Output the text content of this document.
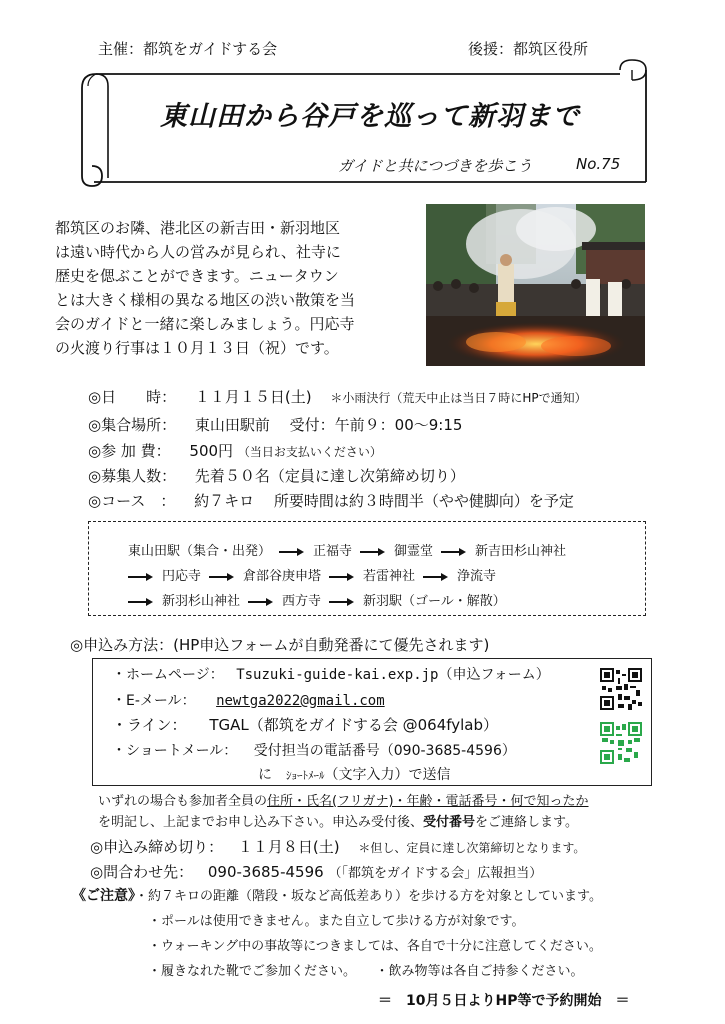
主催：都筑をガイドする会	後援：都筑区役所
東山田から谷戸を巡って新羽まで
ガイドと共につづきを歩こう	No.75

都筑区のお隣、港北区の新吉田・新羽地区

は遠い時代から人の営みが見られ、社寺に

歴史を偲ぶことができます。ニュータウン

とは大きく様相の異なる地区の渋い散策を当

会のガイドと一緒に楽しみましょう。円応寺

の火渡り行事は１０月１３日（祝）です。

◎日　　時： １１月１５日(土) ＊小雨決行（荒天中止は当日７時にHPで通知）
◎集合場所： 東山田駅前　 受付：午前９：00〜9:15
◎参 加 費： 500円 （当日お支払いください）
◎募集人数： 先着５０名（定員に達し次第締め切り）
◎コース　： 約７キロ　 所要時間は約３時間半（やや健脚向）を予定
東山田駅（集合・出発）	正福寺	御霊堂	新吉田杉山神社
円応寺	倉部谷庚申塔	若雷神社	浄流寺
新羽杉山神社	西方寺	新羽駅（ゴール・解散）
◎申込み方法：(HP申込フォームが自動発番にて優先されます)
・ホームページ： Tsuzuki-guide-kai.exp.jp（申込フォーム）
・E-メール： newtga2022@gmail.com
・ライン： TGAL（都筑をガイドする会 @064fylab）
・ショートメール： 受付担当の電話番号（090-3685-4596）
に　ｼｮｰﾄﾒｰﾙ（文字入力）で送信
いずれの場合も参加者全員の住所・氏名(フリガナ)・年齢・電話番号・何で知ったか
を明記し、上記までお申し込み下さい。申込み受付後、受付番号をご連絡します。
◎申込み締め切り： １１月８日(土) ＊但し、定員に達し次第締切となります。
◎問合わせ先： 090-3685-4596 （「都筑をガイドする会」広報担当）
《ご注意》・約７キロの距離（階段・坂など高低差あり）を歩ける方を対象としています。
・ポールは使用できません。また自立して歩ける方が対象です。
・ウォーキング中の事故等につきましては、各自で十分に注意してください。
・履きなれた靴でご参加ください。　　・飲み物等は各自ご持参ください。
＝　10月５日よりHP等で予約開始　＝
